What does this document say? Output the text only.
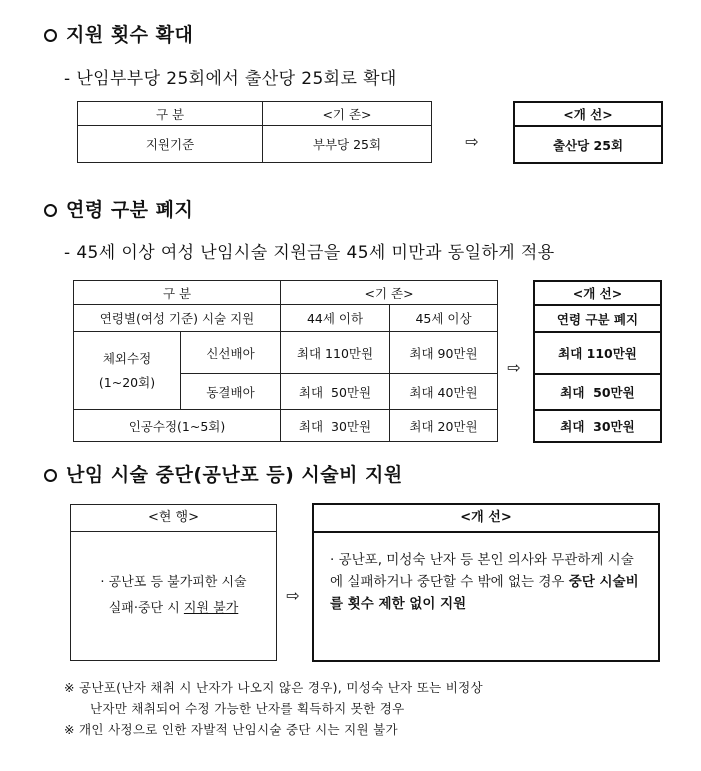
지원 횟수 확대
- 난임부부당 25회에서 출산당 25회로 확대
구 분	<기 존>
지원기준	부부당 25회	⇨
<개 선>
출산당 25회
연령 구분 폐지
- 45세 이상 여성 난임시술 지원금을 45세 미만과 동일하게 적용
구 분		<기 존>	
연령별(여성 기준) 시술 지원		44세 이하	45세 이상
체외수정 (1~20회)	신선배아	최대 110만원	최대 90만원
	동결배아	최대  50만원	최대 40만원
인공수정(1~5회)		최대  30만원	최대 20만원
⇨
<개 선>
연령 구분 폐지
최대 110만원
최대  50만원
최대  30만원
난임 시술 중단(공난포 등) 시술비 지원
<현 행>
· 공난포 등 불가피한 시술
실패·중단 시 지원 불가
⇨
<개 선>
· 공난포, 미성숙 난자 등 본인 의사와 무관하게 시술에 실패하거나 중단할 수 밖에 없는 경우 중단 시술비를 횟수 제한 없이 지원
※ 공난포(난자 채취 시 난자가 나오지 않은 경우), 미성숙 난자 또는 비정상
난자만 채취되어 수정 가능한 난자를 획득하지 못한 경우
※ 개인 사정으로 인한 자발적 난임시술 중단 시는 지원 불가
